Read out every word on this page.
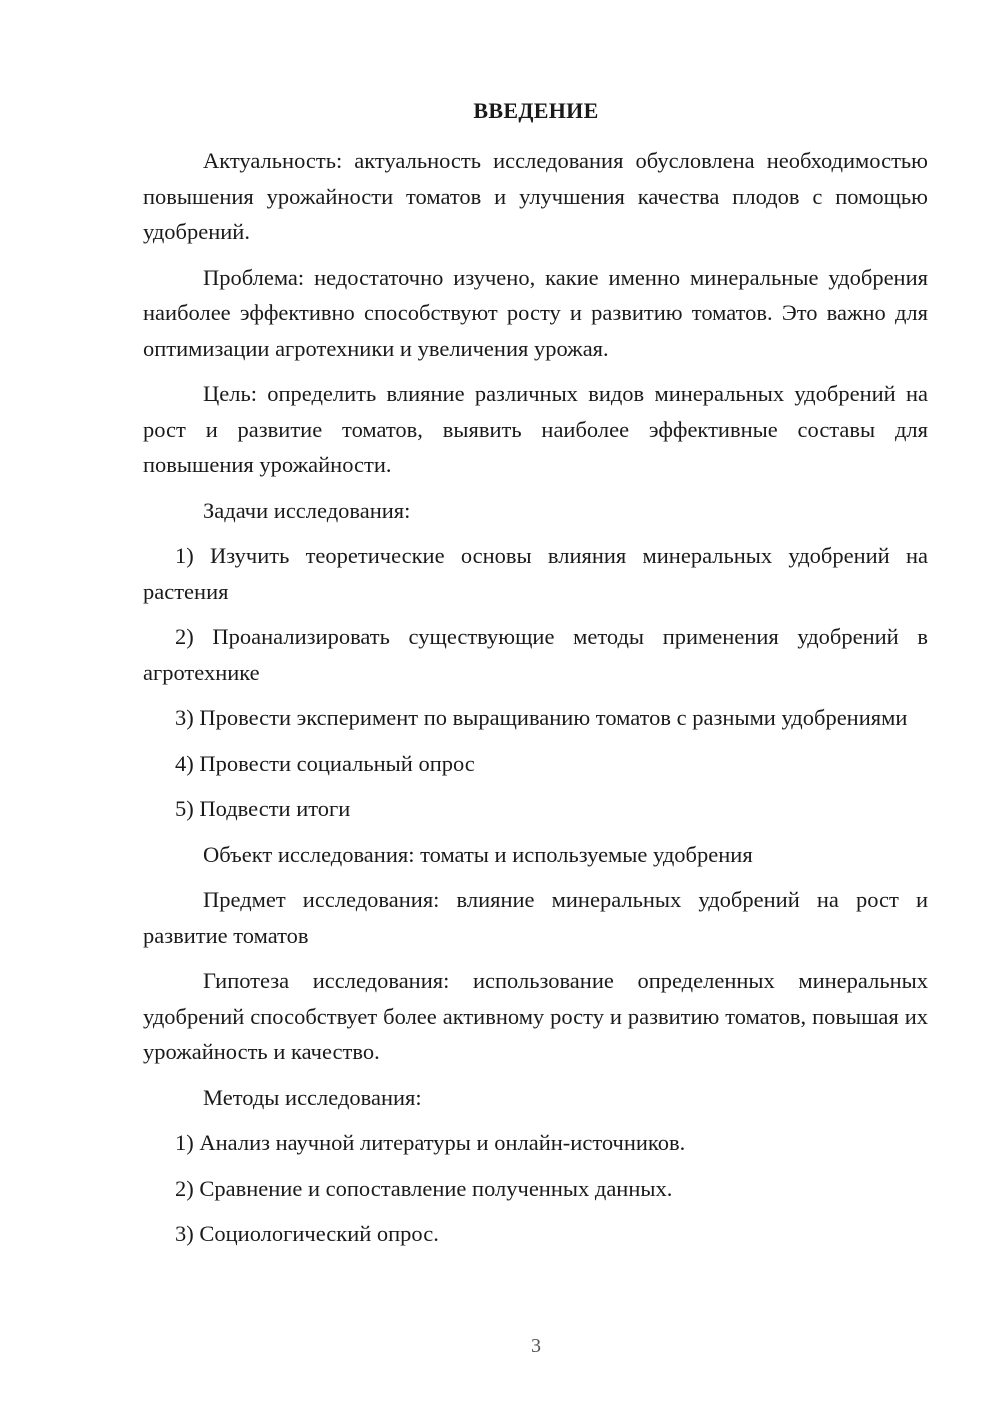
ВВЕДЕНИЕ

Актуальность: актуальность исследования обусловлена необходимостью повышения урожайности томатов и улучшения качества плодов с помощью удобрений.

Проблема: недостаточно изучено, какие именно минеральные удобрения наиболее эффективно способствуют росту и развитию томатов. Это важно для оптимизации агротехники и увеличения урожая.

Цель: определить влияние различных видов минеральных удобрений на рост и развитие томатов, выявить наиболее эффективные составы для повышения урожайности.

Задачи исследования:

1) Изучить теоретические основы влияния минеральных удобрений на растения

2) Проанализировать существующие методы применения удобрений в агротехнике

3) Провести эксперимент по выращиванию томатов с разными удобрениями

4) Провести социальный опрос

5) Подвести итоги

Объект исследования: томаты и используемые удобрения

Предмет исследования: влияние минеральных удобрений на рост и развитие томатов

Гипотеза исследования: использование определенных минеральных удобрений способствует более активному росту и развитию томатов, повышая их урожайность и качество.

Методы исследования:

1) Анализ научной литературы и онлайн-источников.

2) Сравнение и сопоставление полученных данных.

3) Социологический опрос.

3
